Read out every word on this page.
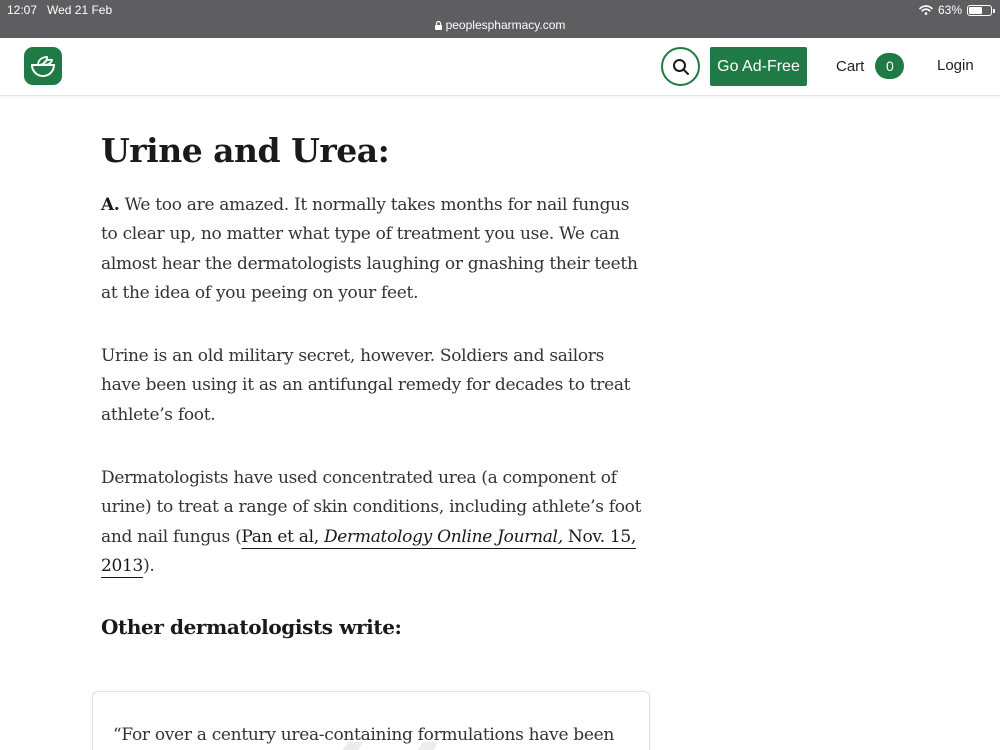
12:07 Wed 21 Feb
peoplespharmacy.com
63%
Go Ad-Free	Cart	0	Login
Urine and Urea:

A. We too are amazed. It normally takes months for nail fungus to clear up, no matter what type of treatment you use. We can almost hear the dermatologists laughing or gnashing their teeth at the idea of you peeing on your feet.

Urine is an old military secret, however. Soldiers and sailors have been using it as an antifungal remedy for decades to treat athlete’s foot.

Dermatologists have used concentrated urea (a component of urine) to treat a range of skin conditions, including athlete’s foot and nail fungus (Pan et al, Dermatology Online Journal, Nov. 15, 2013).

Other dermatologists write:
“For over a century urea-containing formulations have been
